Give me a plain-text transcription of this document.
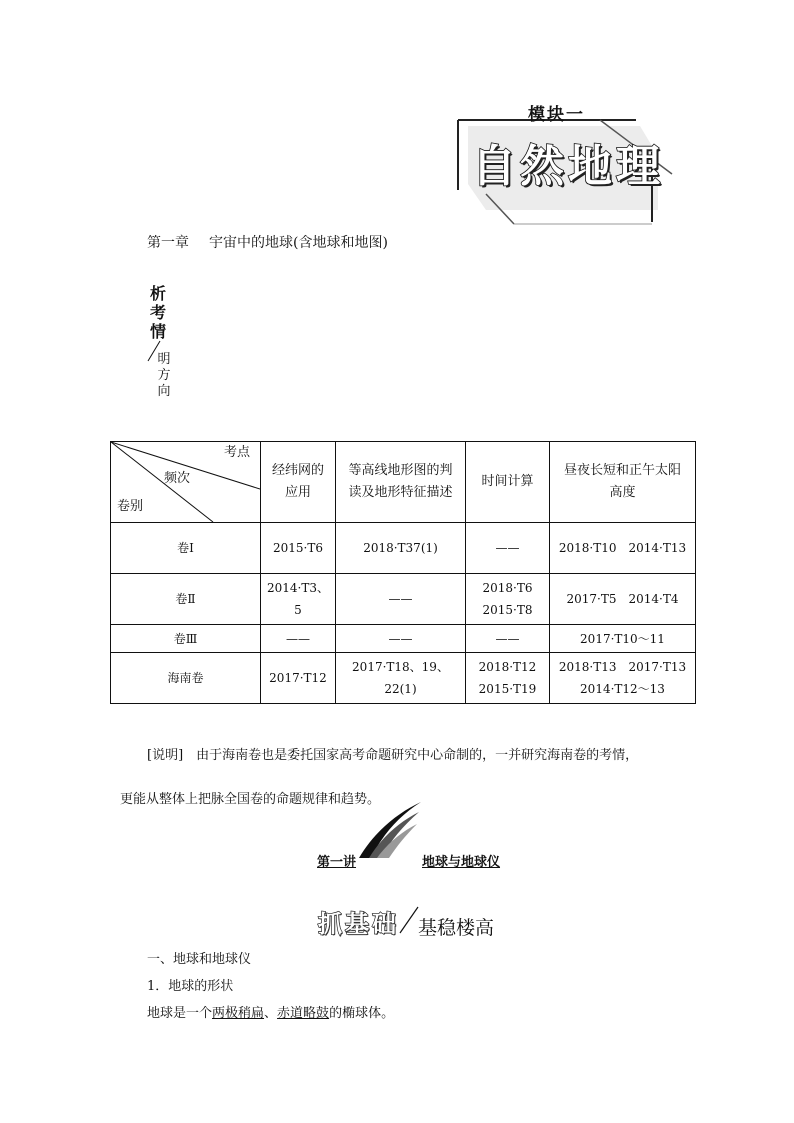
模块一
自然地理
第一章 宇宙中的地球(含地球和地图)
析
考
情
明
方
向
考点
频次
卷别	经纬网的应用	等高线地形图的判读及地形特征描述	时间计算	昼夜长短和正午太阳高度
卷Ⅰ	2015·T6	2018·T37(1)	——	2018·T10　2014·T13
卷Ⅱ	2014·T3、5	——	2018·T6 2015·T8	2017·T5　2014·T4
卷Ⅲ	——	——	——	2017·T10～11
海南卷	2017·T12	2017·T18、19、22(1)	2018·T12 2015·T19	2018·T13　2017·T13 2014·T12～13
[说明]　 由于海南卷也是委托国家高考命题研究中心命制的，一并研究海南卷的考情，
更能从整体上把脉全国卷的命题规律和趋势。
第一讲	地球与地球仪
抓基础 基稳楼高
一、地球和地球仪
1．地球的形状
地球是一个两极稍扁、赤道略鼓的椭球体。
